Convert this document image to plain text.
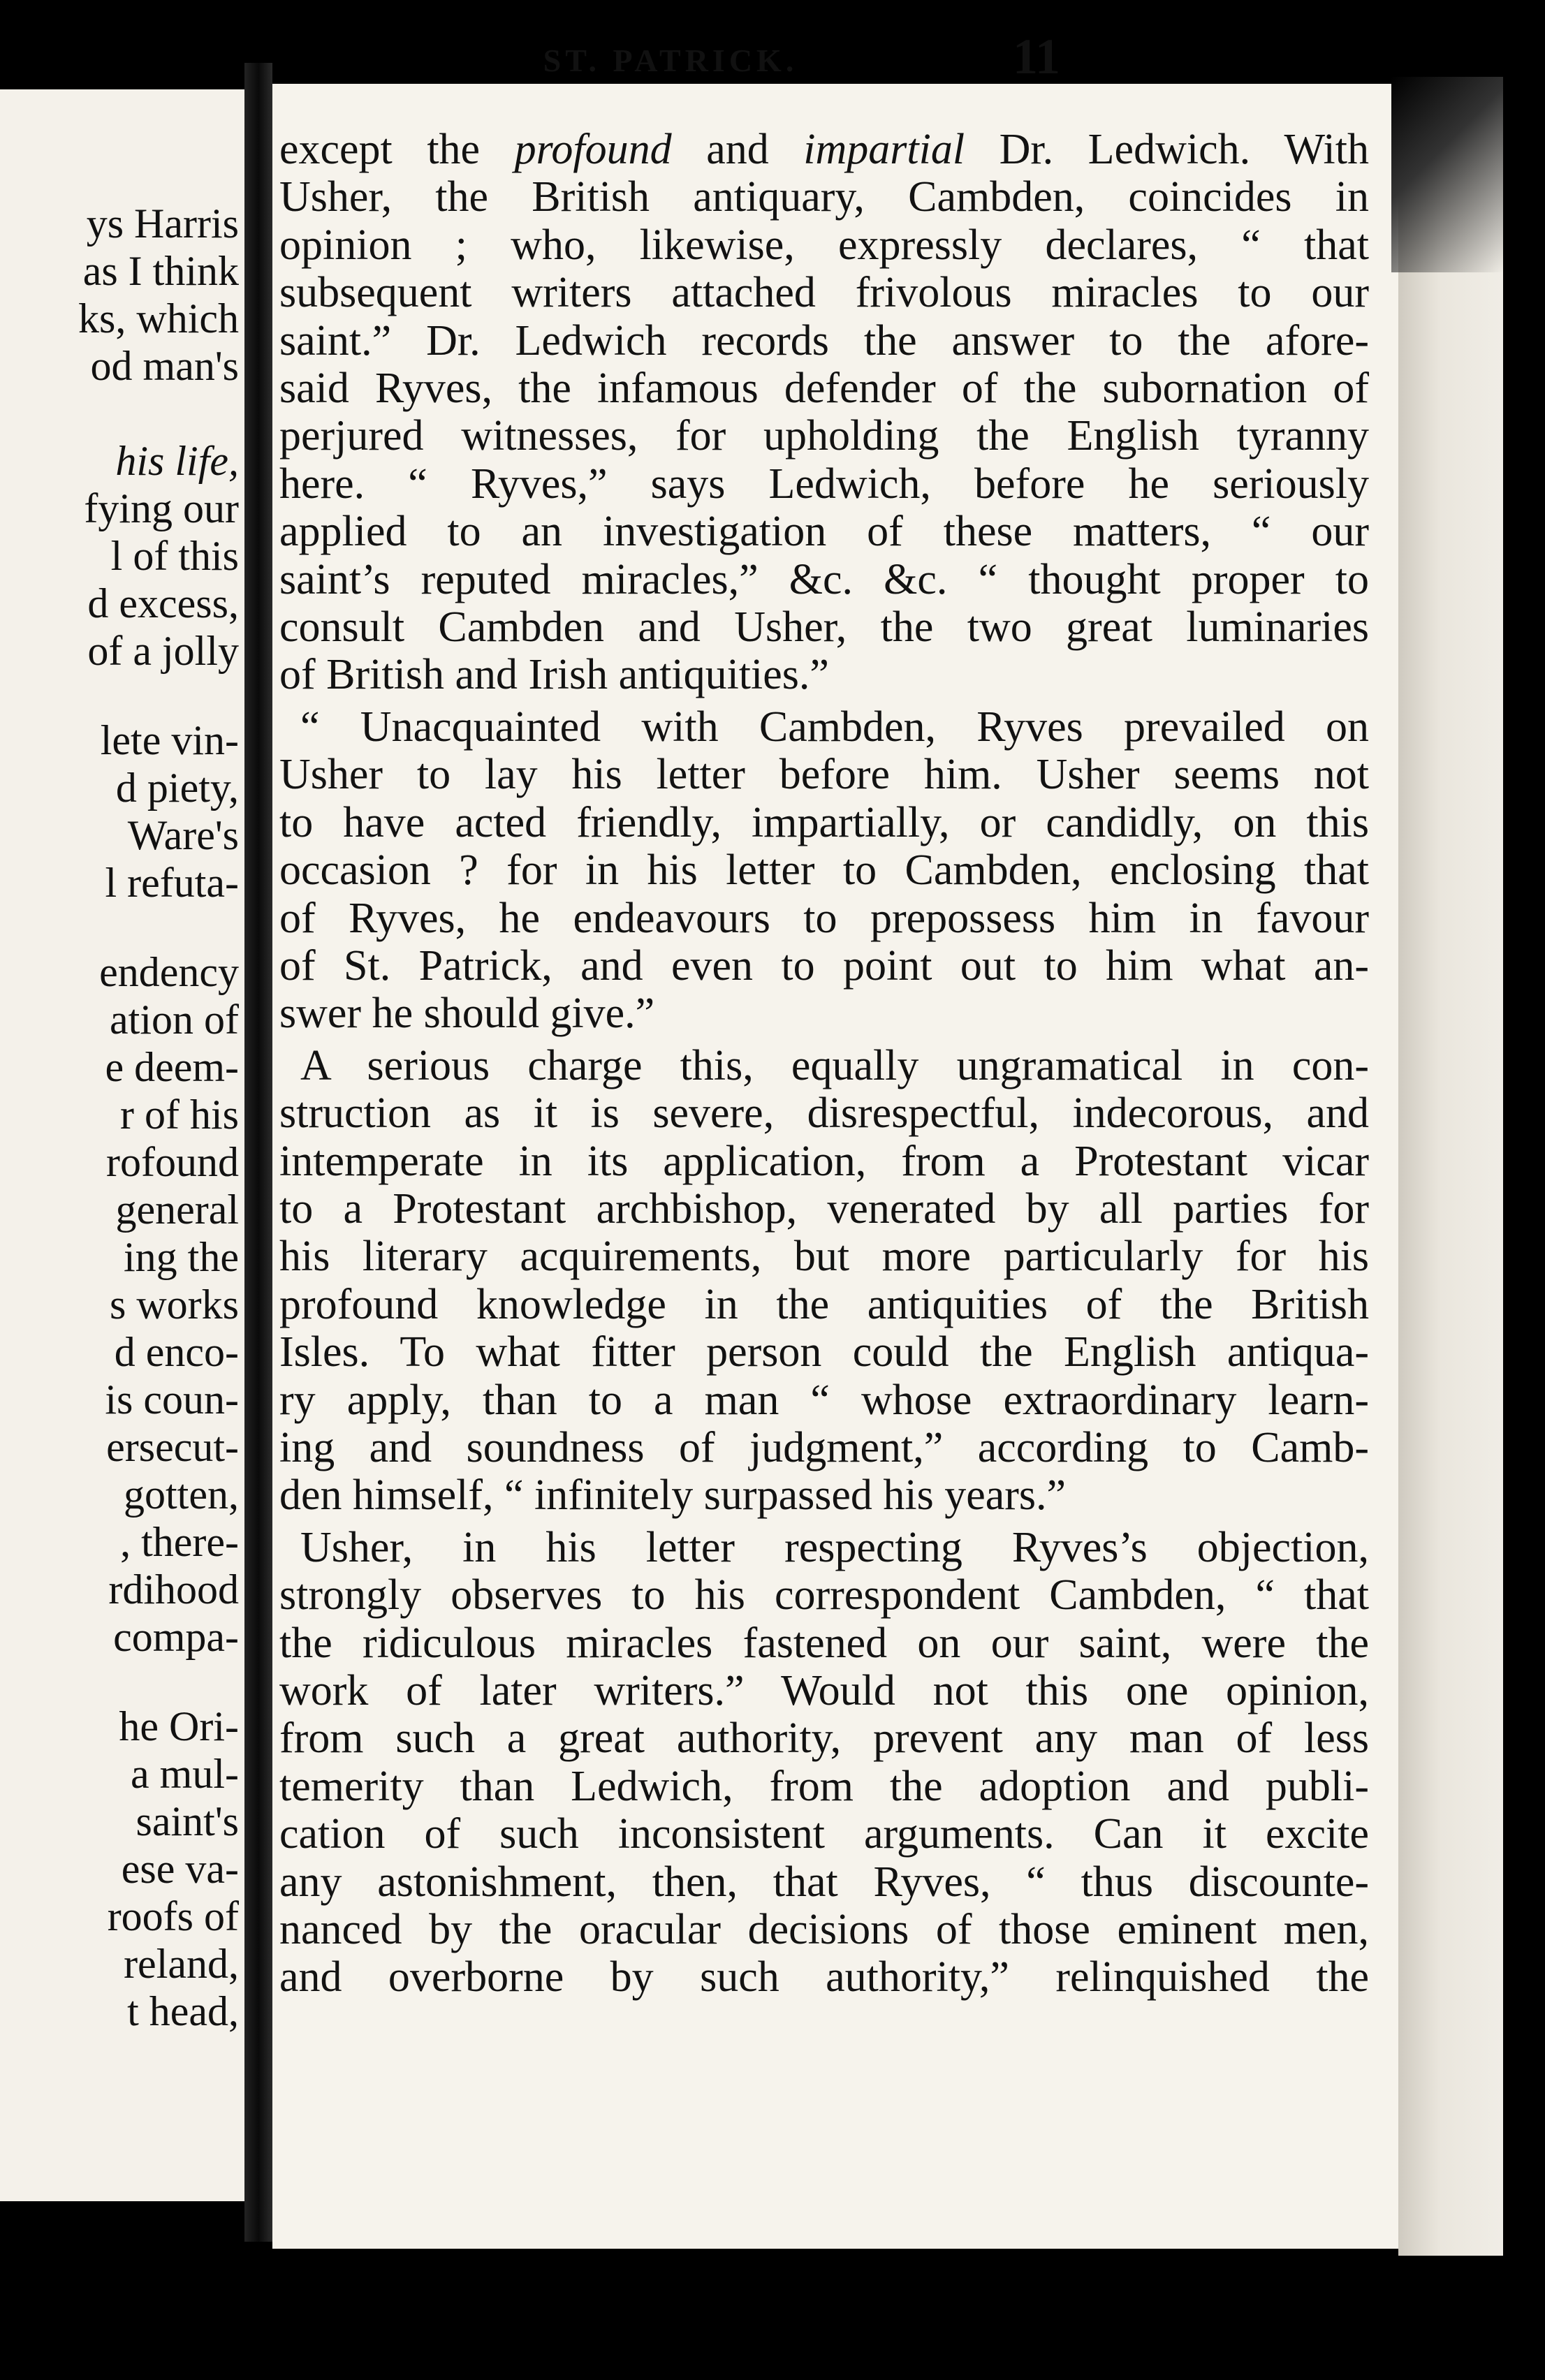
ys Harris
as I think
ks, which
od man's
his life,
fying our
l of this
d excess,
of a jolly
lete vin-
d piety,
Ware's
l refuta-
endency
ation of
e deem-
r of his
rofound
general
ing the
s works
d enco-
is coun-
ersecut-
gotten,
, there-
rdihood
compa-
he Ori-
a mul-
saint's
ese va-
roofs of
reland,
t head,
ST. PATRICK.	11
except the profound and impartial Dr. Ledwich. With
Usher, the British antiquary, Cambden, coincides in
opinion ; who, likewise, expressly declares, “ that
subsequent writers attached frivolous miracles to our
saint.” Dr. Ledwich records the answer to the afore-
said Ryves, the infamous defender of the subornation of
perjured witnesses, for upholding the English tyranny
here. “ Ryves,” says Ledwich, before he seriously
applied to an investigation of these matters, “ our
saint’s reputed miracles,” &c. &c. “ thought proper to
consult Cambden and Usher, the two great luminaries
of British and Irish antiquities.”
“ Unacquainted with Cambden, Ryves prevailed on
Usher to lay his letter before him. Usher seems not
to have acted friendly, impartially, or candidly, on this
occasion ? for in his letter to Cambden, enclosing that
of Ryves, he endeavours to prepossess him in favour
of St. Patrick, and even to point out to him what an-
swer he should give.”
A serious charge this, equally ungramatical in con-
struction as it is severe, disrespectful, indecorous, and
intemperate in its application, from a Protestant vicar
to a Protestant archbishop, venerated by all parties for
his literary acquirements, but more particularly for his
profound knowledge in the antiquities of the British
Isles. To what fitter person could the English antiqua-
ry apply, than to a man “ whose extraordinary learn-
ing and soundness of judgment,” according to Camb-
den himself, “ infinitely surpassed his years.”
Usher, in his letter respecting Ryves’s objection,
strongly observes to his correspondent Cambden, “ that
the ridiculous miracles fastened on our saint, were the
work of later writers.” Would not this one opinion,
from such a great authority, prevent any man of less
temerity than Ledwich, from the adoption and publi-
cation of such inconsistent arguments. Can it excite
any astonishment, then, that Ryves, “ thus discounte-
nanced by the oracular decisions of those eminent men,
and overborne by such authority,” relinquished the
